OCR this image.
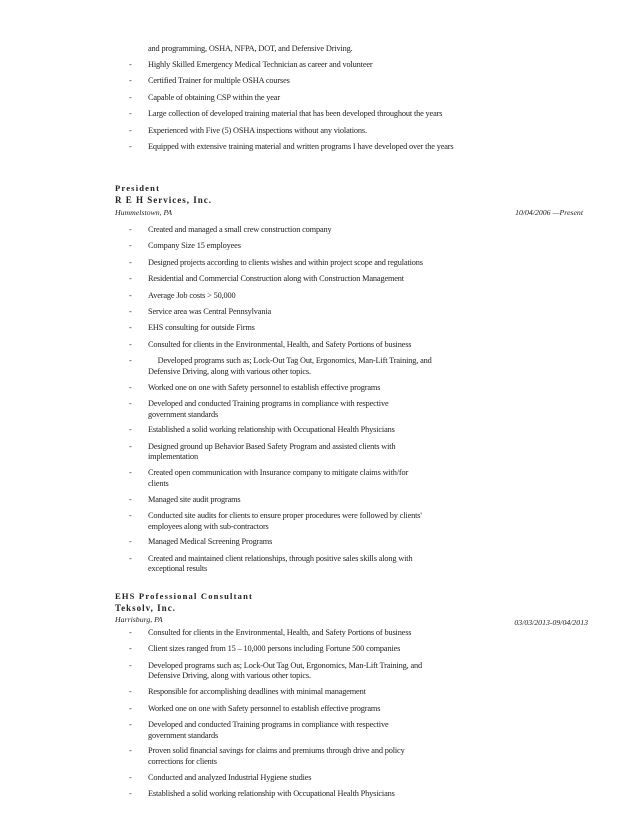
and programming, OSHA, NFPA, DOT, and Defensive Driving.
- Highly Skilled Emergency Medical Technician as career and volunteer
- Certified Trainer for multiple OSHA courses
- Capable of obtaining CSP within the year
- Large collection of developed training material that has been developed throughout the years
- Experienced with Five (5) OSHA inspections without any violations.
- Equipped with extensive training material and written programs I have developed over the years
President
R E H Services, Inc.
Hummelstown, PA	10/04/2006 —Present
- Created and managed a small crew construction company
- Company Size 15 employees
- Designed projects according to clients wishes and within project scope and regulations
- Residential and Commercial Construction along with Construction Management
- Average Job costs > 50,000
- Service area was Central Pennsylvania
- EHS consulting for outside Firms
- Consulted for clients in the Environmental, Health, and Safety Portions of business
- Developed programs such as; Lock-Out Tag Out, Ergonomics, Man-Lift Training, and Defensive Driving, along with various other topics.
- Worked one on one with Safety personnel to establish effective programs
- Developed and conducted Training programs in compliance with respective government standards
- Established a solid working relationship with Occupational Health Physicians
- Designed ground up Behavior Based Safety Program and assisted clients with implementation
- Created open communication with Insurance company to mitigate claims with/for clients
- Managed site audit programs
- Conducted site audits for clients to ensure proper procedures were followed by clients' employees along with sub-contractors
- Managed Medical Screening Programs
- Created and maintained client relationships, through positive sales skills along with exceptional results
EHS Professional Consultant
Teksolv, Inc.
Harrisburg, PA	03/03/2013-09/04/2013
- Consulted for clients in the Environmental, Health, and Safety Portions of business
- Client sizes ranged from 15 – 10,000 persons including Fortune 500 companies
- Developed programs such as; Lock-Out Tag Out, Ergonomics, Man-Lift Training, and Defensive Driving, along with various other topics.
- Responsible for accomplishing deadlines with minimal management
- Worked one on one with Safety personnel to establish effective programs
- Developed and conducted Training programs in compliance with respective government standards
- Proven solid financial savings for claims and premiums through drive and policy corrections for clients
- Conducted and analyzed Industrial Hygiene studies
- Established a solid working relationship with Occupational Health Physicians
